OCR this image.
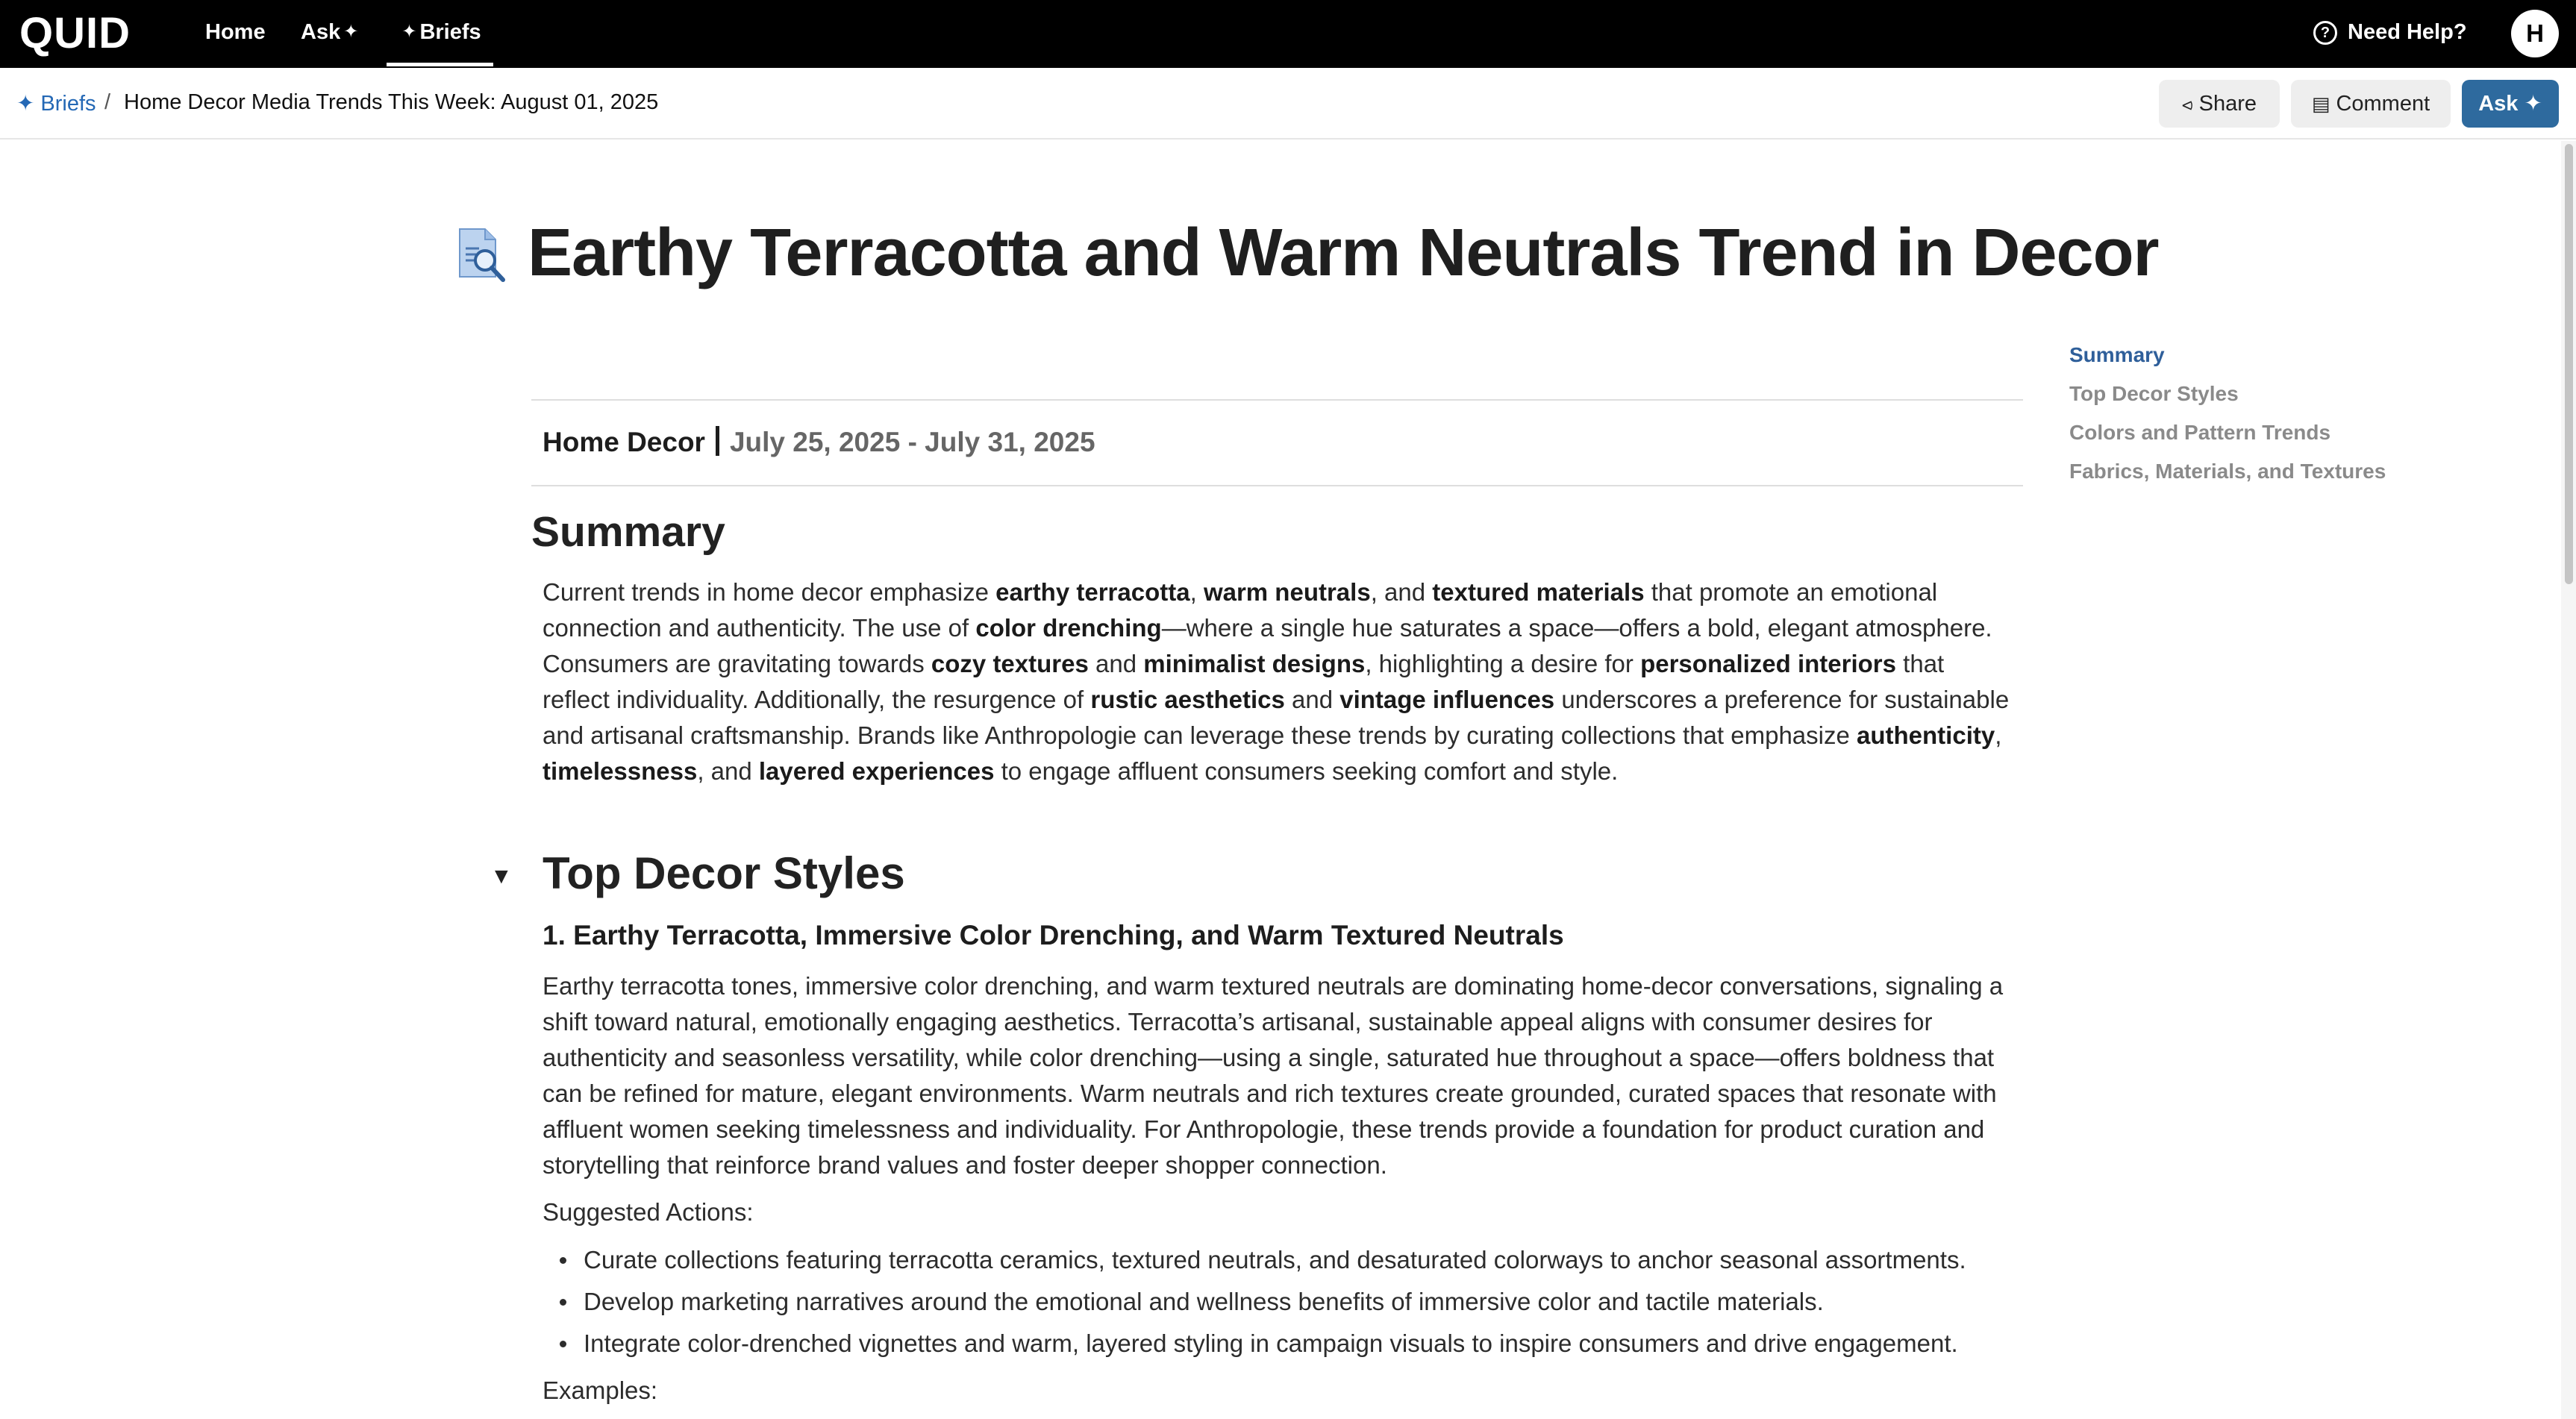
QUID	Home Ask ✦	✦ Briefs	? Need Help?	H
✦ Briefs / Home Decor Media Trends This Week: August 01, 2025	⪦ Share	▤ Comment	Ask ✦
Earthy Terracotta and Warm Neutrals Trend in Decor
Home Decor July 25, 2025 - July 31, 2025
Summary

Current trends in home decor emphasize earthy terracotta, warm neutrals, and textured materials that promote an emotional connection and authenticity. The use of color drenching—where a single hue saturates a space—offers a bold, elegant atmosphere. Consumers are gravitating towards cozy textures and minimalist designs, highlighting a desire for personalized interiors that reflect individuality. Additionally, the resurgence of rustic aesthetics and vintage influences underscores a preference for sustainable and artisanal craftsmanship. Brands like Anthropologie can leverage these trends by curating collections that emphasize authenticity, timelessness, and layered experiences to engage affluent consumers seeking comfort and style.

▼ Top Decor Styles
1. Earthy Terracotta, Immersive Color Drenching, and Warm Textured Neutrals

Earthy terracotta tones, immersive color drenching, and warm textured neutrals are dominating home-decor conversations, signaling a shift toward natural, emotionally engaging aesthetics. Terracotta’s artisanal, sustainable appeal aligns with consumer desires for authenticity and seasonless versatility, while color drenching—using a single, saturated hue throughout a space—offers boldness that can be refined for mature, elegant environments. Warm neutrals and rich textures create grounded, curated spaces that resonate with affluent women seeking timelessness and individuality. For Anthropologie, these trends provide a foundation for product curation and storytelling that reinforce brand values and foster deeper shopper connection.

Suggested Actions:
Curate collections featuring terracotta ceramics, textured neutrals, and desaturated colorways to anchor seasonal assortments.
Develop marketing narratives around the emotional and wellness benefits of immersive color and tactile materials.
Integrate color-drenched vignettes and warm, layered styling in campaign visuals to inspire consumers and drive engagement.
Examples:
Summary
Top Decor Styles
Colors and Pattern Trends
Fabrics, Materials, and Textures
